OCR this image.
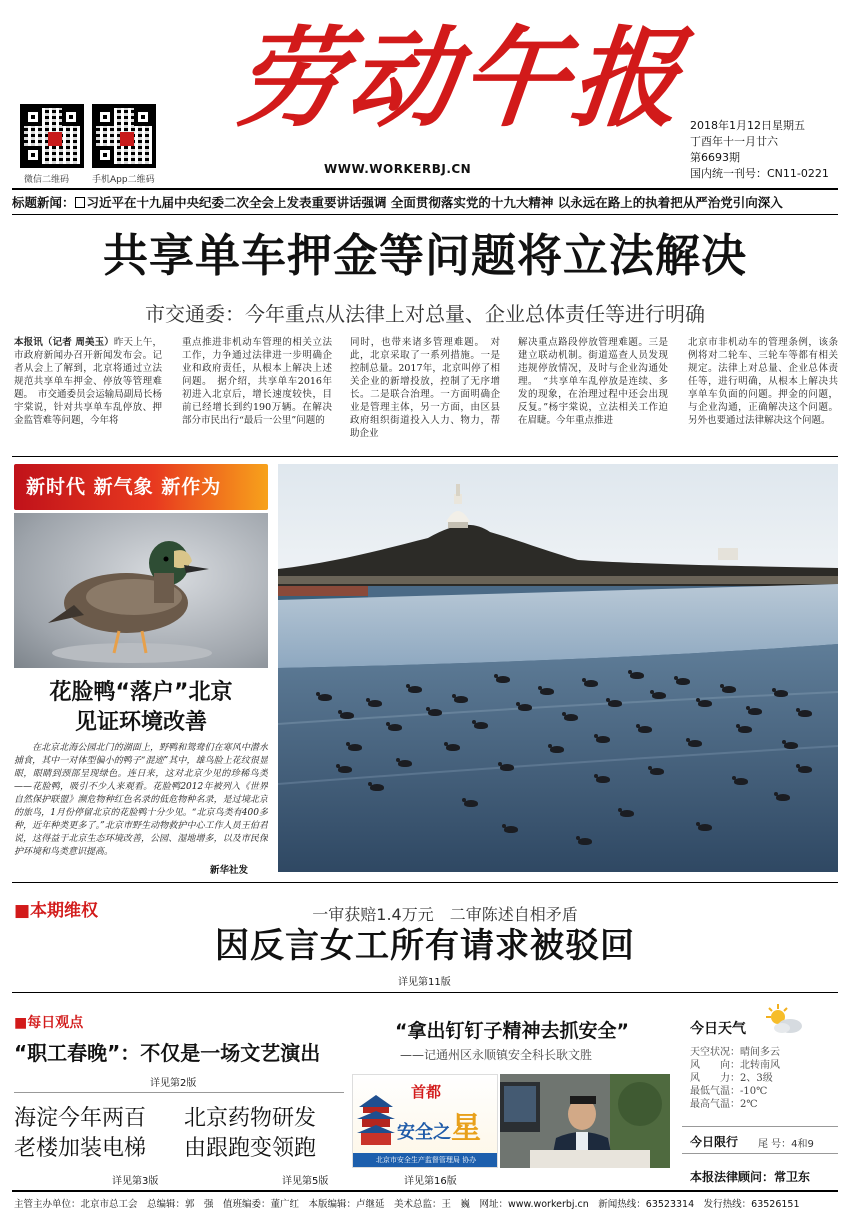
微信二维码	手机App二维码
劳动午报
WWW.WORKERBJ.CN
2018年1月12日星期五
丁酉年十一月廿六
第6693期
国内统一刊号：CN11-0221
标题新闻： 习近平在十九届中央纪委二次全会上发表重要讲话强调 全面贯彻落实党的十九大精神 以永远在路上的执着把从严治党引向深入
共享单车押金等问题将立法解决
市交通委：今年重点从法律上对总量、企业总体责任等进行明确
本报讯（记者 周美玉）昨天上午，市政府新闻办召开新闻发布会。记者从会上了解到，北京将通过立法规范共享单车押金、停放等管理难题。　市交通委员会运输局副局长杨宇棠说，针对共享单车乱停放、押金监管难等问题，今年将
重点推进非机动车管理的相关立法工作，力争通过法律进一步明确企业和政府责任，从根本上解决上述问题。　据介绍，共享单车2016年初进入北京后，增长速度较快，目前已经增长到约190万辆。在解决部分市民出行“最后一公里”问题的
同时，也带来诸多管理难题。　对此，北京采取了一系列措施。一是控制总量。2017年，北京叫停了相关企业的新增投放，控制了无序增长。二是联合治理。一方面明确企业是管理主体，另一方面，由区县政府组织街道投入人力、物力，帮助企业
解决重点路段停放管理难题。三是建立联动机制。街道巡查人员发现违规停放情况，及时与企业沟通处理。　“共享单车乱停放是连续、多发的现象，在治理过程中还会出现反复。”杨宇棠说，立法相关工作迫在眉睫。今年重点推进
北京市非机动车的管理条例，该条例将对二轮车、三轮车等都有相关规定。法律上对总量、企业总体责任等，进行明确，从根本上解决共享单车负面的问题。押金的问题，与企业沟通，正确解决这个问题。另外也要通过法律解决这个问题。
新时代 新气象 新作为
花脸鸭“落户”北京
见证环境改善
在北京北海公园北门的湖面上，野鸭和鸳鸯们在寒风中潜水捕食，其中一对体型偏小的鸭子“混迹”其中，雄鸟脸上花纹很显眼，眼睛到颈部呈现绿色。连日来，这对北京少见的珍稀鸟类——花脸鸭，吸引不少人来观看。花脸鸭2012年被列入《世界自然保护联盟》濒危物种红色名录的低危物种名录，是过境北京的旅鸟，1月份停留北京的花脸鸭十分少见。“北京鸟类有400多种，近年种类更多了。”北京市野生动物救护中心工作人员王伯君说，这得益于北京生态环境改善，公园、湿地增多，以及市民保护环境和鸟类意识提高。
新华社发
■本期维权	一审获赔1.4万元　二审陈述自相矛盾
因反言女工所有请求被驳回
详见第11版
■每日观点
“职工春晚”：不仅是一场文艺演出
详见第2版
海淀今年两百
老楼加装电梯
详见第3版
北京药物研发
由跟跑变领跑
详见第5版
“拿出钉钉子精神去抓安全”
——记通州区永顺镇安全科长耿文胜
首都
安全之星
北京市安全生产监督管理局 协办
详见第16版
今日天气
天空状况：晴间多云
风　　向：北转南风
风　　力：2、3级
最低气温：-10℃
最高气温：2℃
今日限行 尾 号：4和9
本报法律顾问：常卫东
主管主办单位：北京市总工会　总编辑：郭　强　值班编委：董广红　本版编辑：卢继延　美术总监：王　巍　网址：www.workerbj.cn　新闻热线：63523314　发行热线：63526151
